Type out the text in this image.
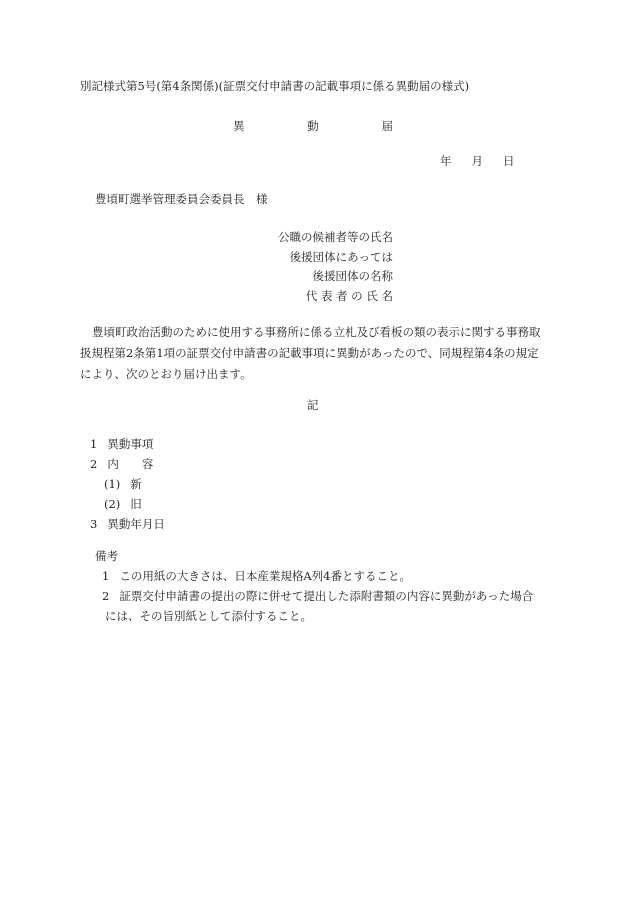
別記様式第5号(第4条関係)(証票交付申請書の記載事項に係る異動届の様式)
異	動	届
年 月 日
豊頃町選挙管理委員会委員長　様
公職の候補者等の氏名
後援団体にあっては
後援団体の名称
代 表 者 の 氏 名
豊頃町政治活動のために使用する事務所に係る立札及び看板の類の表示に関する事務取扱規程第2条第1項の証票交付申請書の記載事項に異動があったので、同規程第4条の規定により、次のとおり届け出ます。
記
1 異動事項
2 内　　容
(1) 新
(2) 旧
3 異動年月日
備考
1 この用紙の大きさは、日本産業規格A列4番とすること。
2 証票交付申請書の提出の際に併せて提出した添附書類の内容に異動があった場合
には、その旨別紙として添付すること。
